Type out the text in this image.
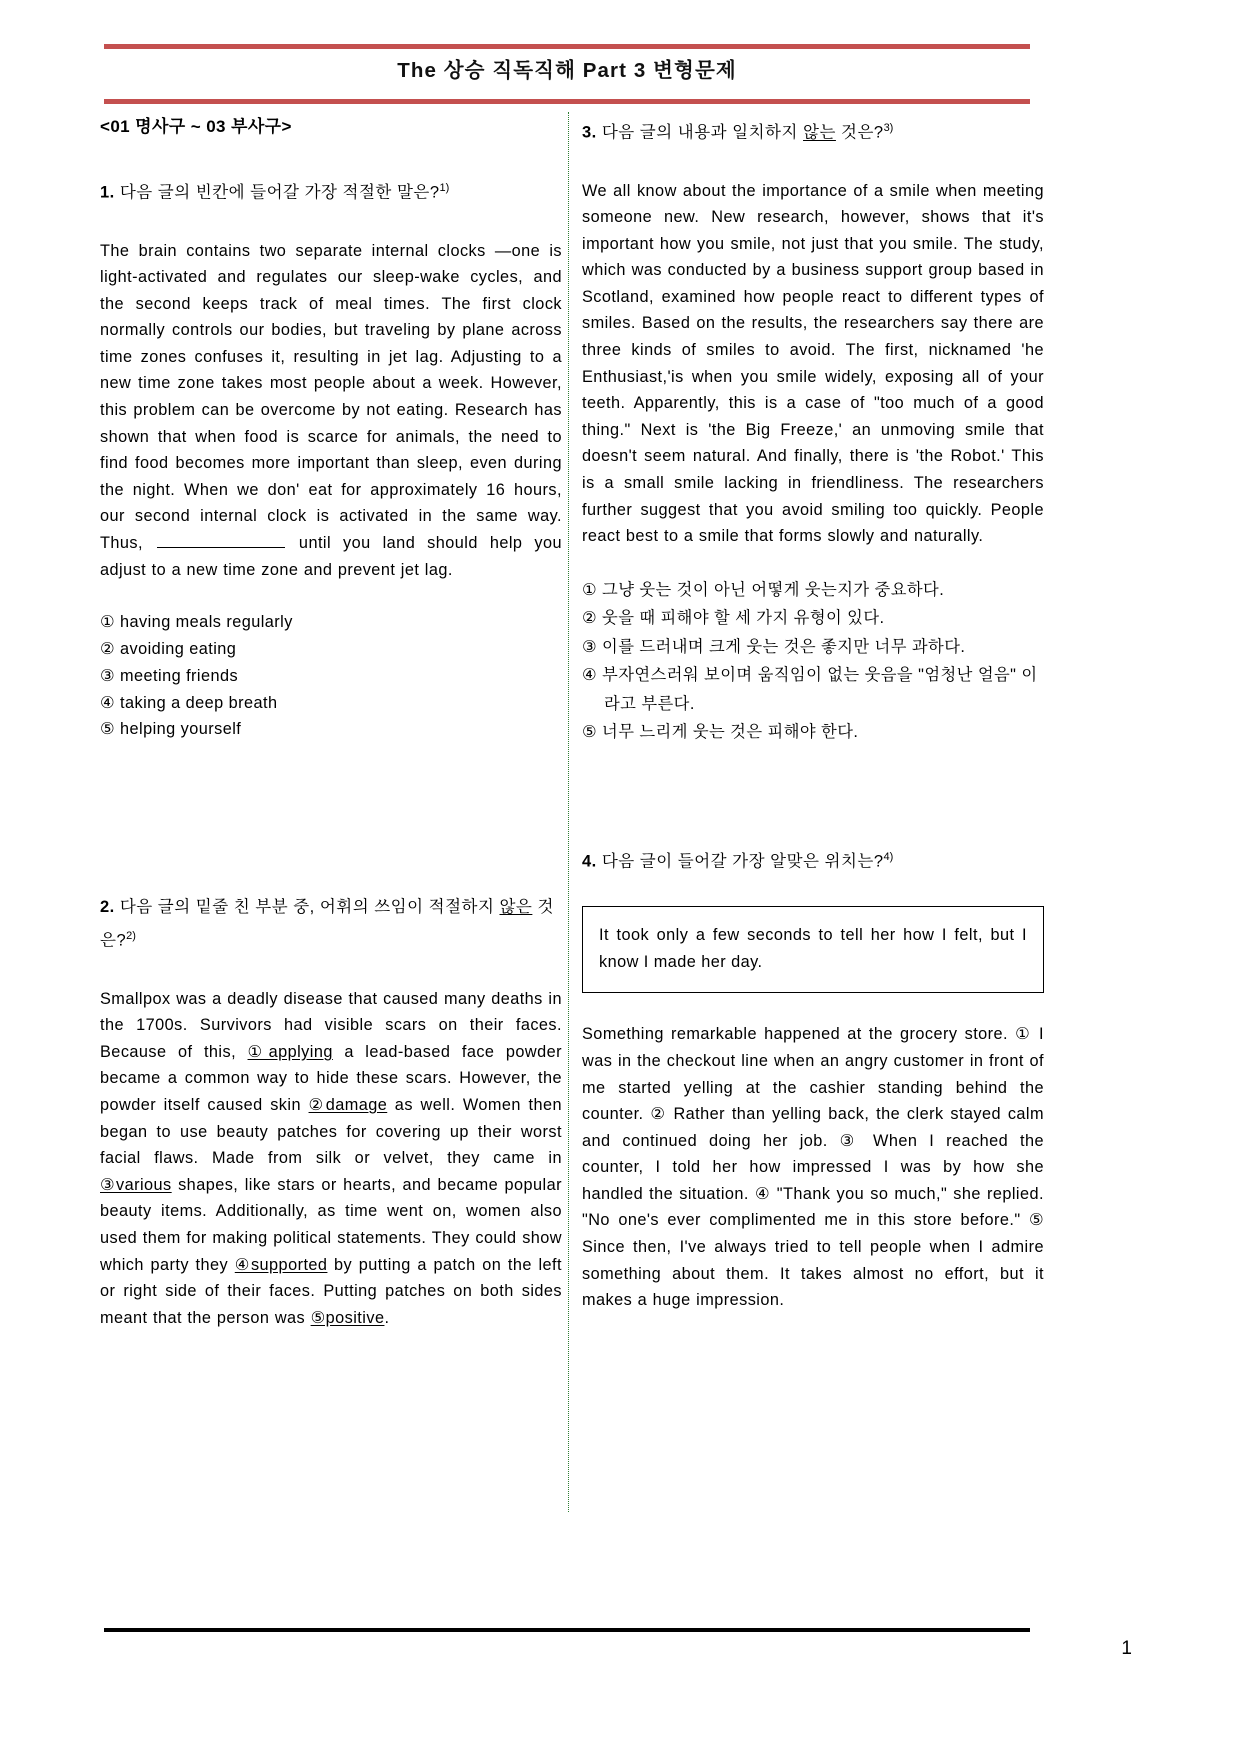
The 상승 직독직해 Part 3 변형문제
<01 명사구 ~ 03 부사구>
1. 다음 글의 빈칸에 들어갈 가장 적절한 말은?$^{1)}$

The brain contains two separate internal clocks —one is light-activated and regulates our sleep-wake cycles, and the second keeps track of meal times. The first clock normally controls our bodies, but traveling by plane across time zones confuses it, resulting in jet lag. Adjusting to a new time zone takes most people about a week. However, this problem can be overcome by not eating. Research has shown that when food is scarce for animals, the need to find food becomes more important than sleep, even during the night. When we don' eat for approximately 16 hours, our second internal clock is activated in the same way. Thus,	until you land should help you adjust to a new time zone and prevent jet lag.

① having meals regularly
② avoiding eating
③ meeting friends
④ taking a deep breath
⑤ helping yourself
2. 다음 글의 밑줄 친 부분 중, 어휘의 쓰임이 적절하지 않은 것은?$^{2)}$

Smallpox was a deadly disease that caused many deaths in the 1700s. Survivors had visible scars on their faces. Because of this, ①applying a lead-based face powder became a common way to hide these scars. However, the powder itself caused skin ②damage as well. Women then began to use beauty patches for covering up their worst facial flaws. Made from silk or velvet, they came in ③various shapes, like stars or hearts, and became popular beauty items. Additionally, as time went on, women also used them for making political statements. They could show which party they ④supported by putting a patch on the left or right side of their faces. Putting patches on both sides meant that the person was ⑤positive.

3. 다음 글의 내용과 일치하지 않는 것은?$^{3)}$

We all know about the importance of a smile when meeting someone new. New research, however, shows that it's important how you smile, not just that you smile. The study, which was conducted by a business support group based in Scotland, examined how people react to different types of smiles. Based on the results, the researchers say there are three kinds of smiles to avoid. The first, nicknamed 'he Enthusiast,'is when you smile widely, exposing all of your teeth. Apparently, this is a case of "too much of a good thing." Next is 'the Big Freeze,' an unmoving smile that doesn't seem natural. And finally, there is 'the Robot.' This is a small smile lacking in friendliness. The researchers further suggest that you avoid smiling too quickly. People react best to a smile that forms slowly and naturally.

① 그냥 웃는 것이 아닌 어떻게 웃는지가 중요하다.
② 웃을 때 피해야 할 세 가지 유형이 있다.
③ 이를 드러내며 크게 웃는 것은 좋지만 너무 과하다.
④ 부자연스러워 보이며 움직임이 없는 웃음을 "엄청난 얼음" 이라고 부른다.
⑤ 너무 느리게 웃는 것은 피해야 한다.
4. 다음 글이 들어갈 가장 알맞은 위치는?$^{4)}$
It took only a few seconds to tell her how I felt, but I know I made her day.

Something remarkable happened at the grocery store. ① I was in the checkout line when an angry customer in front of me started yelling at the cashier standing behind the counter. ② Rather than yelling back, the clerk stayed calm and continued doing her job. ③ When I reached the counter, I told her how impressed I was by how she handled the situation. ④ "Thank you so much," she replied. "No one's ever complimented me in this store before." ⑤ Since then, I've always tried to tell people when I admire something about them. It takes almost no effort, but it makes a huge impression.

1
